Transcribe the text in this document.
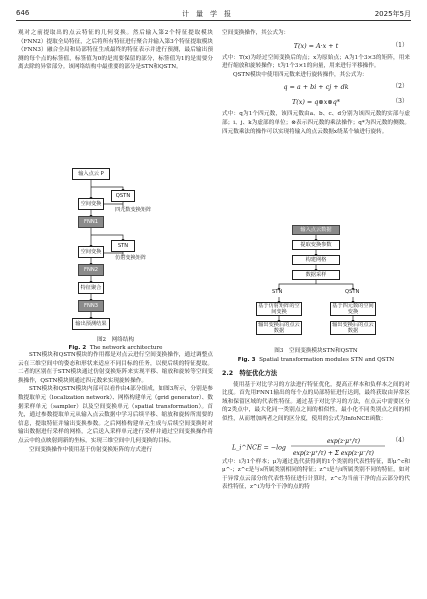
646	计　量　学　报	2025年5月

观对之前提取出的点云特征的几何变换。然后输入第2个特征提取模块（FNN2）提取全局特征，之后将所有特征进行聚合并输入第3个特征提取模块（FNN3）融合全局和局部特征生成最终的特征表示并进行预测，最后输出预测的每个点的标签值，标签值为0的是需要保留的部分，标签值为1的是需要分离去除的异常部分。该网络结构中最重要的部分是STN和QSTN。

输入点云 P
QSTN
四元数变换矩阵
空间变换
FNN1
STN
仿射变换矩阵
空间变换
FNN2
特征聚合
FNN3
输出预测结果
图2　网络结构
Fig. 2 The network architecture

STN模块和QSTN模块的作用都是对点云进行空间变换操作，通过调整点云在三维空间中的姿态和形状来适应不同目标的任务，以便后续的特征提取。二者的区别在于STN模块通过仿射变换矩阵来实现平移、缩放和旋转等空间变换操作，QSTN模块则通过四元数来实现旋转操作。

STN模块和QSTN模块内部可以看作由4部分组成，如图3所示，分别是参数提取单元（localization network）、网格构建单元（grid generator）、数据采样单元（sampler）以及空间变换单元（spatial transformation）。首先，通过参数提取单元从输入点云数据中学习后续平移、缩放和旋转所需要的信息，提取特征并输出变换参数。之后网格构建单元生成与后续空间变换时对输出数据进行采样的网格，之后送入采样单元进行采样并通过空间变换操作将点云中的点映射到新的坐标，实现三维空间中几何变换的目标。

空间变换操作中使用基于仿射变换矩阵的方式进行

空间变换操作，其公式为：

T(x) = A·x + t	（1）

式中：T(x)为经过空间变换后的点；x为原始点；A为1个3×3的矩阵，用来进行缩放和旋转操作；t为1个3×1的向量，用来进行平移操作。

QSTN模块中使用四元数来进行旋转操作，其公式为：

q = a + bi + cj + dk	（2）
T(x) = q⊗x⊗q*	（3）

式中：q为1个四元数，该四元数由a、b、c、d分别为该四元数的实部与虚部；i、j、k为虚部的单位；⊗表示四元数的乘法操作；q*为四元数的侧数。四元数乘法的操作可以实现将输入的点云数据x绕某个轴进行旋转。

输入点云数据
提取变换参数
构建网格
数据采样
STN	QSTN
基于仿射矩阵的空间变换
基于四元数的空间变换
输出变换后的点云数据
输出变换后的点云数据
图3　空间变换模块STN和QSTN
Fig. 3 Spatial transformation modules STN and QSTN
2.2　特征优化方法

使用基于对比学习的方法进行特征优化，提高正样本和负样本之间的对比度。首先用FNN1输出的每个点的局部特征进行达到，最终获取由异常区域和保留区域的代表性特征。通过基于对比学习的方法，在点云中需要区分的2类点中，最大化同一类别点之间的相似性，最小化不同类别点之间的相似性，从而增加两者之间的区分度，使用的公式为InfoNCE函数：

L_i^NCE = −log
exp(z·μ⁺/τ)
exp(z·μ⁺/τ) + Σ exp(z·μ⁻/τ)
（4）

式中：i为1个样本；μ为通过选代获得到的1个类别的代表性特征，即μ^c和μ^-；z^c是与s所属类别相同的特征；z^i是与i所属类别不同的特征，如对于异常点云部分的代表性特征进行计算时，z^c为当前干净的点云部分的代表性特征，z^i为每个干净的点的特
